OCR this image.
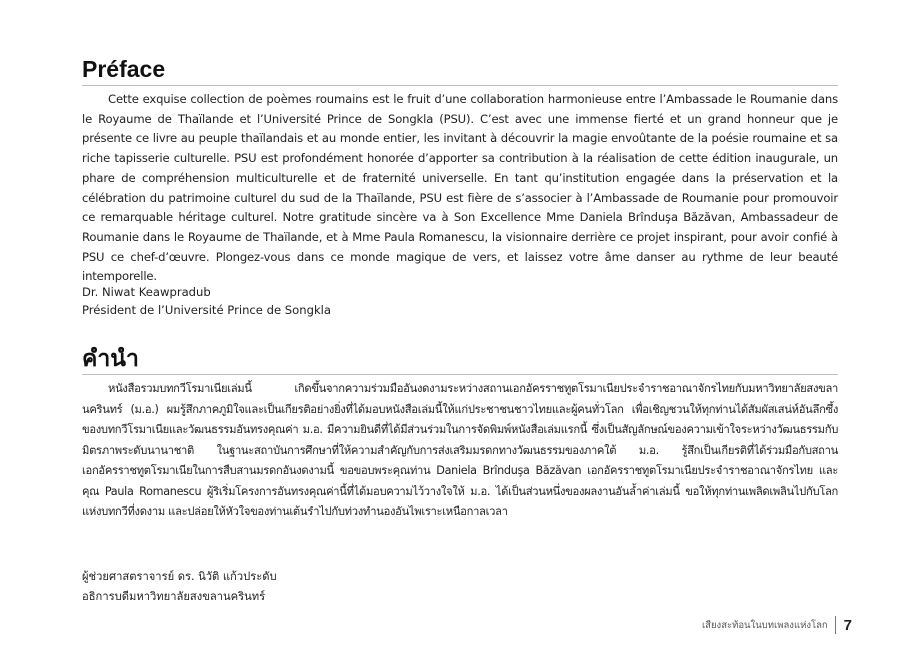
Préface

Cette exquise collection de poèmes roumains est le fruit d’une collaboration harmonieuse entre l’Ambassade le Roumanie dans le Royaume de Thaïlande et l’Université Prince de Songkla (PSU). C’est avec une immense fierté et un grand honneur que je présente ce livre au peuple thaïlandais et au monde entier, les invitant à découvrir la magie envoûtante de la poésie roumaine et sa riche tapisserie culturelle. PSU est profondément honorée d’apporter sa contribution à la réalisation de cette édition inaugurale, un phare de compréhension multiculturelle et de fraternité universelle. En tant qu’institution engagée dans la préservation et la célébration du patrimoine culturel du sud de la Thaïlande, PSU est fière de s’associer à l’Ambassade de Roumanie pour promouvoir ce remarquable héritage culturel. Notre gratitude sincère va à Son Excellence Mme Daniela Brînduşa Băzăvan, Ambassadeur de Roumanie dans le Royaume de Thaïlande, et à Mme Paula Romanescu, la visionnaire derrière ce projet inspirant, pour avoir confié à PSU ce chef-d’œuvre. Plongez-vous dans ce monde magique de vers, et laissez votre âme danser au rythme de leur beauté intemporelle.

Dr. Niwat Keawpradub
Président de l’Université Prince de Songkla
คำนำ

หนังสือรวมบทกวีโรมาเนียเล่มนี้ เกิดขึ้นจากความร่วมมืออันงดงามระหว่างสถานเอกอัครราชทูตโรมาเนียประจำราชอาณาจักรไทยกับมหาวิทยาลัยสงขลานครินทร์ (ม.อ.) ผมรู้สึกภาคภูมิใจและเป็นเกียรติอย่างยิ่งที่ได้มอบหนังสือเล่มนี้ให้แก่ประชาชนชาวไทยและผู้คนทั่วโลก เพื่อเชิญชวนให้ทุกท่านได้สัมผัสเสน่ห์อันลึกซึ้งของบทกวีโรมาเนียและวัฒนธรรมอันทรงคุณค่า ม.อ. มีความยินดีที่ได้มีส่วนร่วมในการจัดพิมพ์หนังสือเล่มแรกนี้ ซึ่งเป็นสัญลักษณ์ของความเข้าใจระหว่างวัฒนธรรมกับมิตรภาพระดับนานาชาติ ในฐานะสถาบันการศึกษาที่ให้ความสำคัญกับการส่งเสริมมรดกทางวัฒนธรรมของภาคใต้ ม.อ. รู้สึกเป็นเกียรติที่ได้ร่วมมือกับสถานเอกอัครราชทูตโรมาเนียในการสืบสานมรดกอันงดงามนี้ ขอขอบพระคุณท่าน Daniela Brînduşa Băzăvan เอกอัครราชทูตโรมาเนียประจำราชอาณาจักรไทย และคุณ Paula Romanescu ผู้ริเริ่มโครงการอันทรงคุณค่านี้ที่ได้มอบความไว้วางใจให้ ม.อ. ได้เป็นส่วนหนึ่งของผลงานอันล้ำค่าเล่มนี้ ขอให้ทุกท่านเพลิดเพลินไปกับโลกแห่งบทกวีที่งดงาม และปล่อยให้หัวใจของท่านเต้นรำไปกับท่วงทำนองอันไพเราะเหนือกาลเวลา

ผู้ช่วยศาสตราจารย์ ดร. นิวัติ แก้วประดับ
อธิการบดีมหาวิทยาลัยสงขลานครินทร์
เสียงสะท้อนในบทเพลงแห่งโลก	7
